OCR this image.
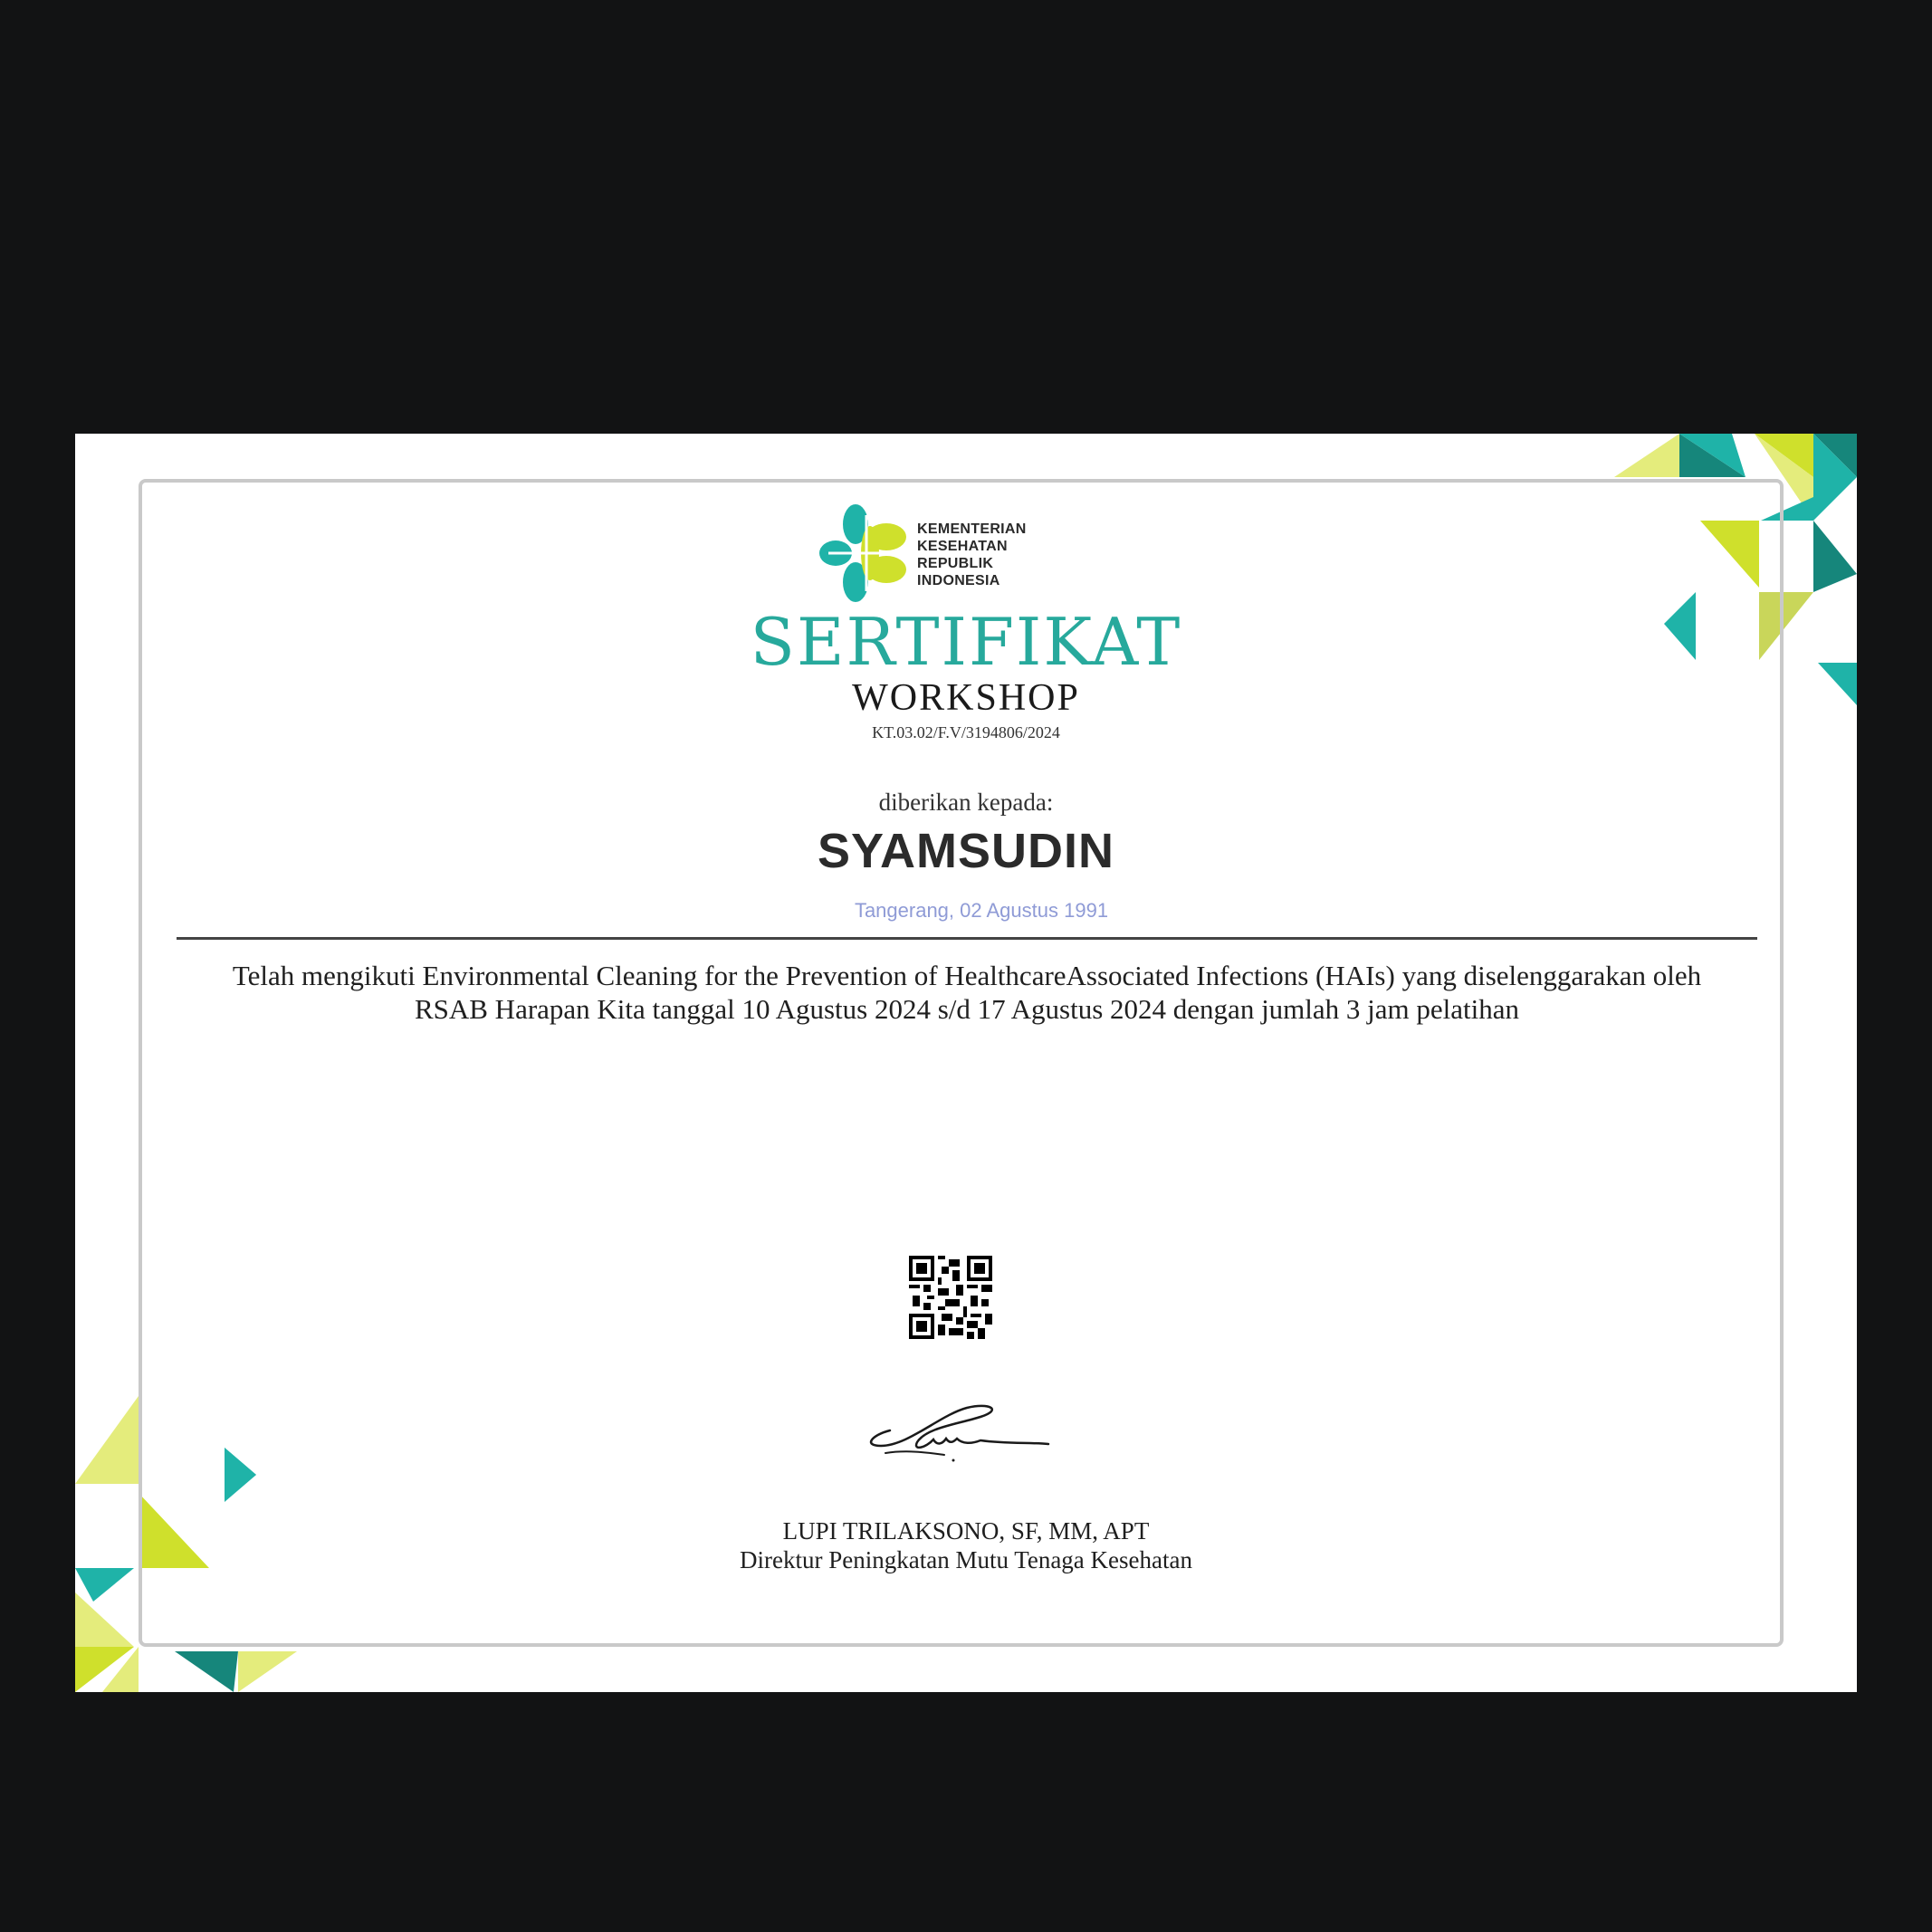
KEMENTERIAN
KESEHATAN
REPUBLIK
INDONESIA
SERTIFIKAT
WORKSHOP
KT.03.02/F.V/3194806/2024
diberikan kepada:
SYAMSUDIN
Tangerang, 02 Agustus 1991
Telah mengikuti Environmental Cleaning for the Prevention of HealthcareAssociated Infections (HAIs) yang diselenggarakan oleh RSAB Harapan Kita tanggal 10 Agustus 2024 s/d 17 Agustus 2024 dengan jumlah 3 jam pelatihan
LUPI TRILAKSONO, SF, MM, APT
Direktur Peningkatan Mutu Tenaga Kesehatan
